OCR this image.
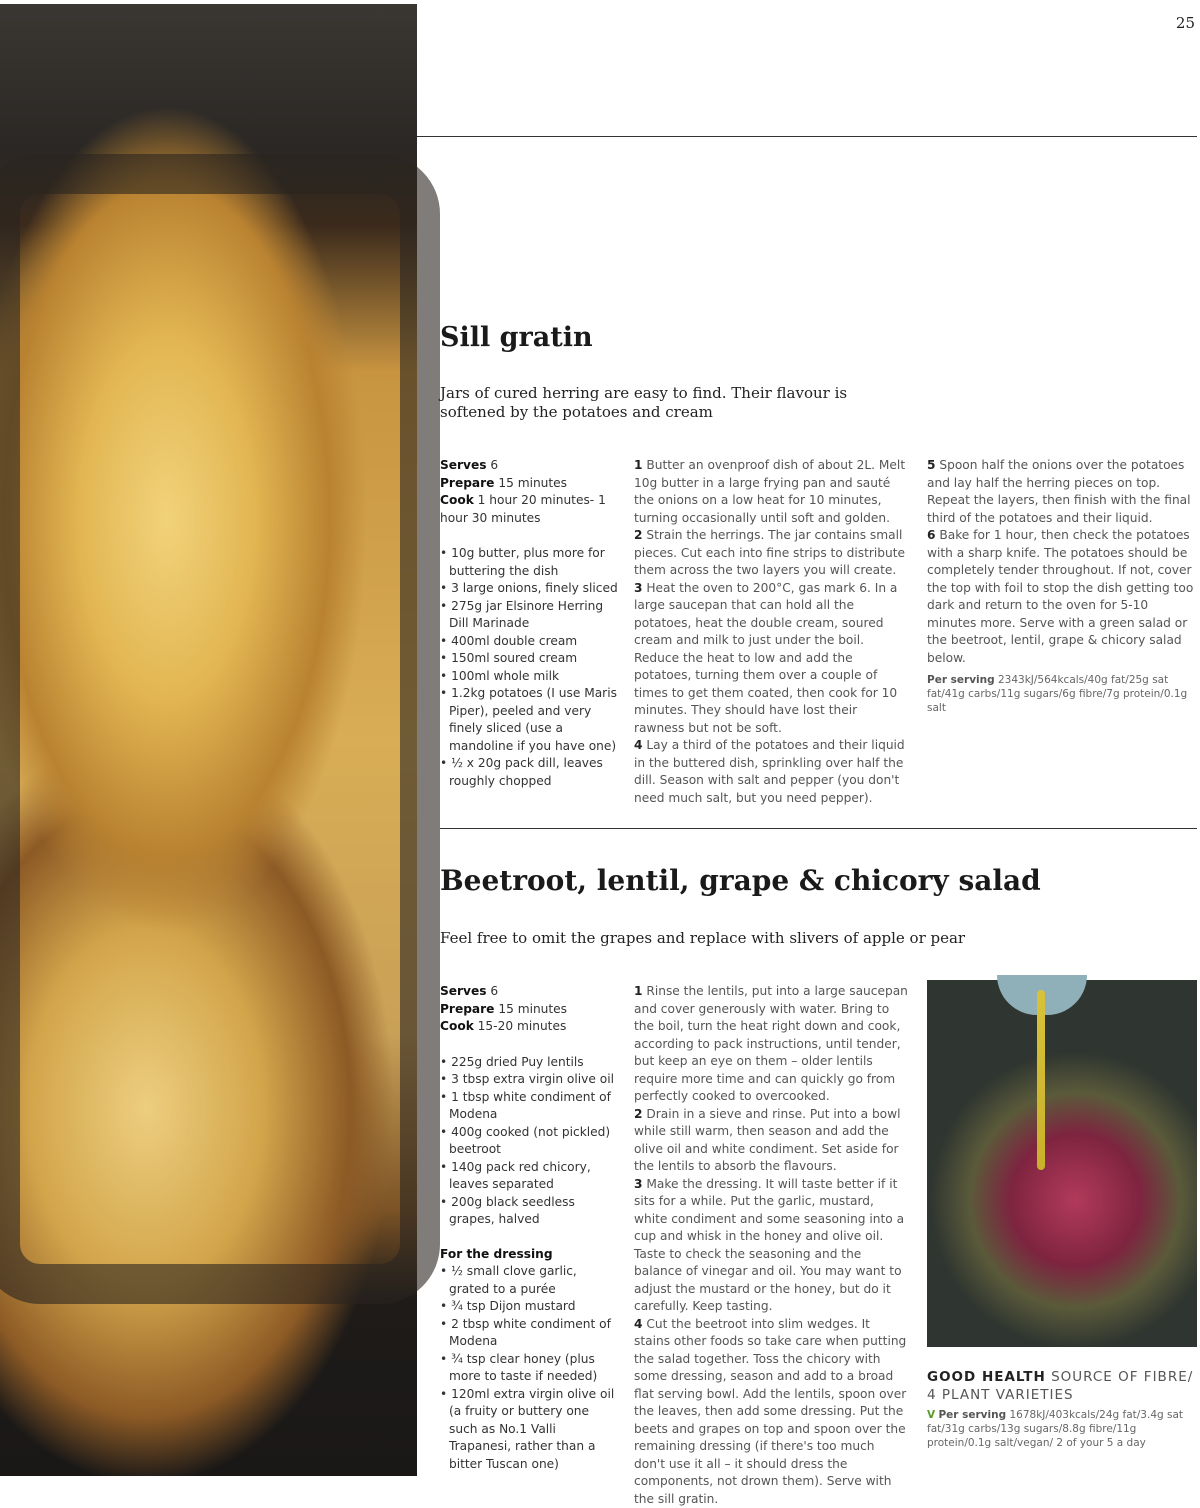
25
Sill gratin
Jars of cured herring are easy to find. Their flavour is softened by the potatoes and cream
Serves 6
Prepare 15 minutes
Cook 1 hour 20 minutes- 1 hour 30 minutes
• 10g butter, plus more for buttering the dish
• 3 large onions, finely sliced
• 275g jar Elsinore Herring Dill Marinade
• 400ml double cream
• 150ml soured cream
• 100ml whole milk
• 1.2kg potatoes (I use Maris Piper), peeled and very finely sliced (use a mandoline if you have one)
• ½ x 20g pack dill, leaves roughly chopped

1 Butter an ovenproof dish of about 2L. Melt 10g butter in a large frying pan and sauté the onions on a low heat for 10 minutes, turning occasionally until soft and golden.

2 Strain the herrings. The jar contains small pieces. Cut each into fine strips to distribute them across the two layers you will create.

3 Heat the oven to 200°C, gas mark 6. In a large saucepan that can hold all the potatoes, heat the double cream, soured cream and milk to just under the boil. Reduce the heat to low and add the potatoes, turning them over a couple of times to get them coated, then cook for 10 minutes. They should have lost their rawness but not be soft.

4 Lay a third of the potatoes and their liquid in the buttered dish, sprinkling over half the dill. Season with salt and pepper (you don't need much salt, but you need pepper).

5 Spoon half the onions over the potatoes and lay half the herring pieces on top. Repeat the layers, then finish with the final third of the potatoes and their liquid.

6 Bake for 1 hour, then check the potatoes with a sharp knife. The potatoes should be completely tender throughout. If not, cover the top with foil to stop the dish getting too dark and return to the oven for 5-10 minutes more. Serve with a green salad or the beetroot, lentil, grape & chicory salad below.

Per serving 2343kJ/564kcals/40g fat/25g sat fat/41g carbs/11g sugars/6g fibre/7g protein/0.1g salt
Beetroot, lentil, grape & chicory salad
Feel free to omit the grapes and replace with slivers of apple or pear
Serves 6
Prepare 15 minutes
Cook 15-20 minutes
• 225g dried Puy lentils
• 3 tbsp extra virgin olive oil
• 1 tbsp white condiment of Modena
• 400g cooked (not pickled) beetroot
• 140g pack red chicory, leaves separated
• 200g black seedless grapes, halved
For the dressing
• ½ small clove garlic, grated to a purée
• ¾ tsp Dijon mustard
• 2 tbsp white condiment of Modena
• ¾ tsp clear honey (plus more to taste if needed)
• 120ml extra virgin olive oil (a fruity or buttery one such as No.1 Valli Trapanesi, rather than a bitter Tuscan one)

1 Rinse the lentils, put into a large saucepan and cover generously with water. Bring to the boil, turn the heat right down and cook, according to pack instructions, until tender, but keep an eye on them – older lentils require more time and can quickly go from perfectly cooked to overcooked.

2 Drain in a sieve and rinse. Put into a bowl while still warm, then season and add the olive oil and white condiment. Set aside for the lentils to absorb the flavours.

3 Make the dressing. It will taste better if it sits for a while. Put the garlic, mustard, white condiment and some seasoning into a cup and whisk in the honey and olive oil. Taste to check the seasoning and the balance of vinegar and oil. You may want to adjust the mustard or the honey, but do it carefully. Keep tasting.

4 Cut the beetroot into slim wedges. It stains other foods so take care when putting the salad together. Toss the chicory with some dressing, season and add to a broad flat serving bowl. Add the lentils, spoon over the leaves, then add some dressing. Put the beets and grapes on top and spoon over the remaining dressing (if there's too much don't use it all – it should dress the components, not drown them). Serve with the sill gratin.

GOOD HEALTH SOURCE OF FIBRE/ 4 PLANT VARIETIES
V Per serving 1678kJ/403kcals/24g fat/3.4g sat fat/31g carbs/13g sugars/8.8g fibre/11g protein/0.1g salt/vegan/ 2 of your 5 a day
